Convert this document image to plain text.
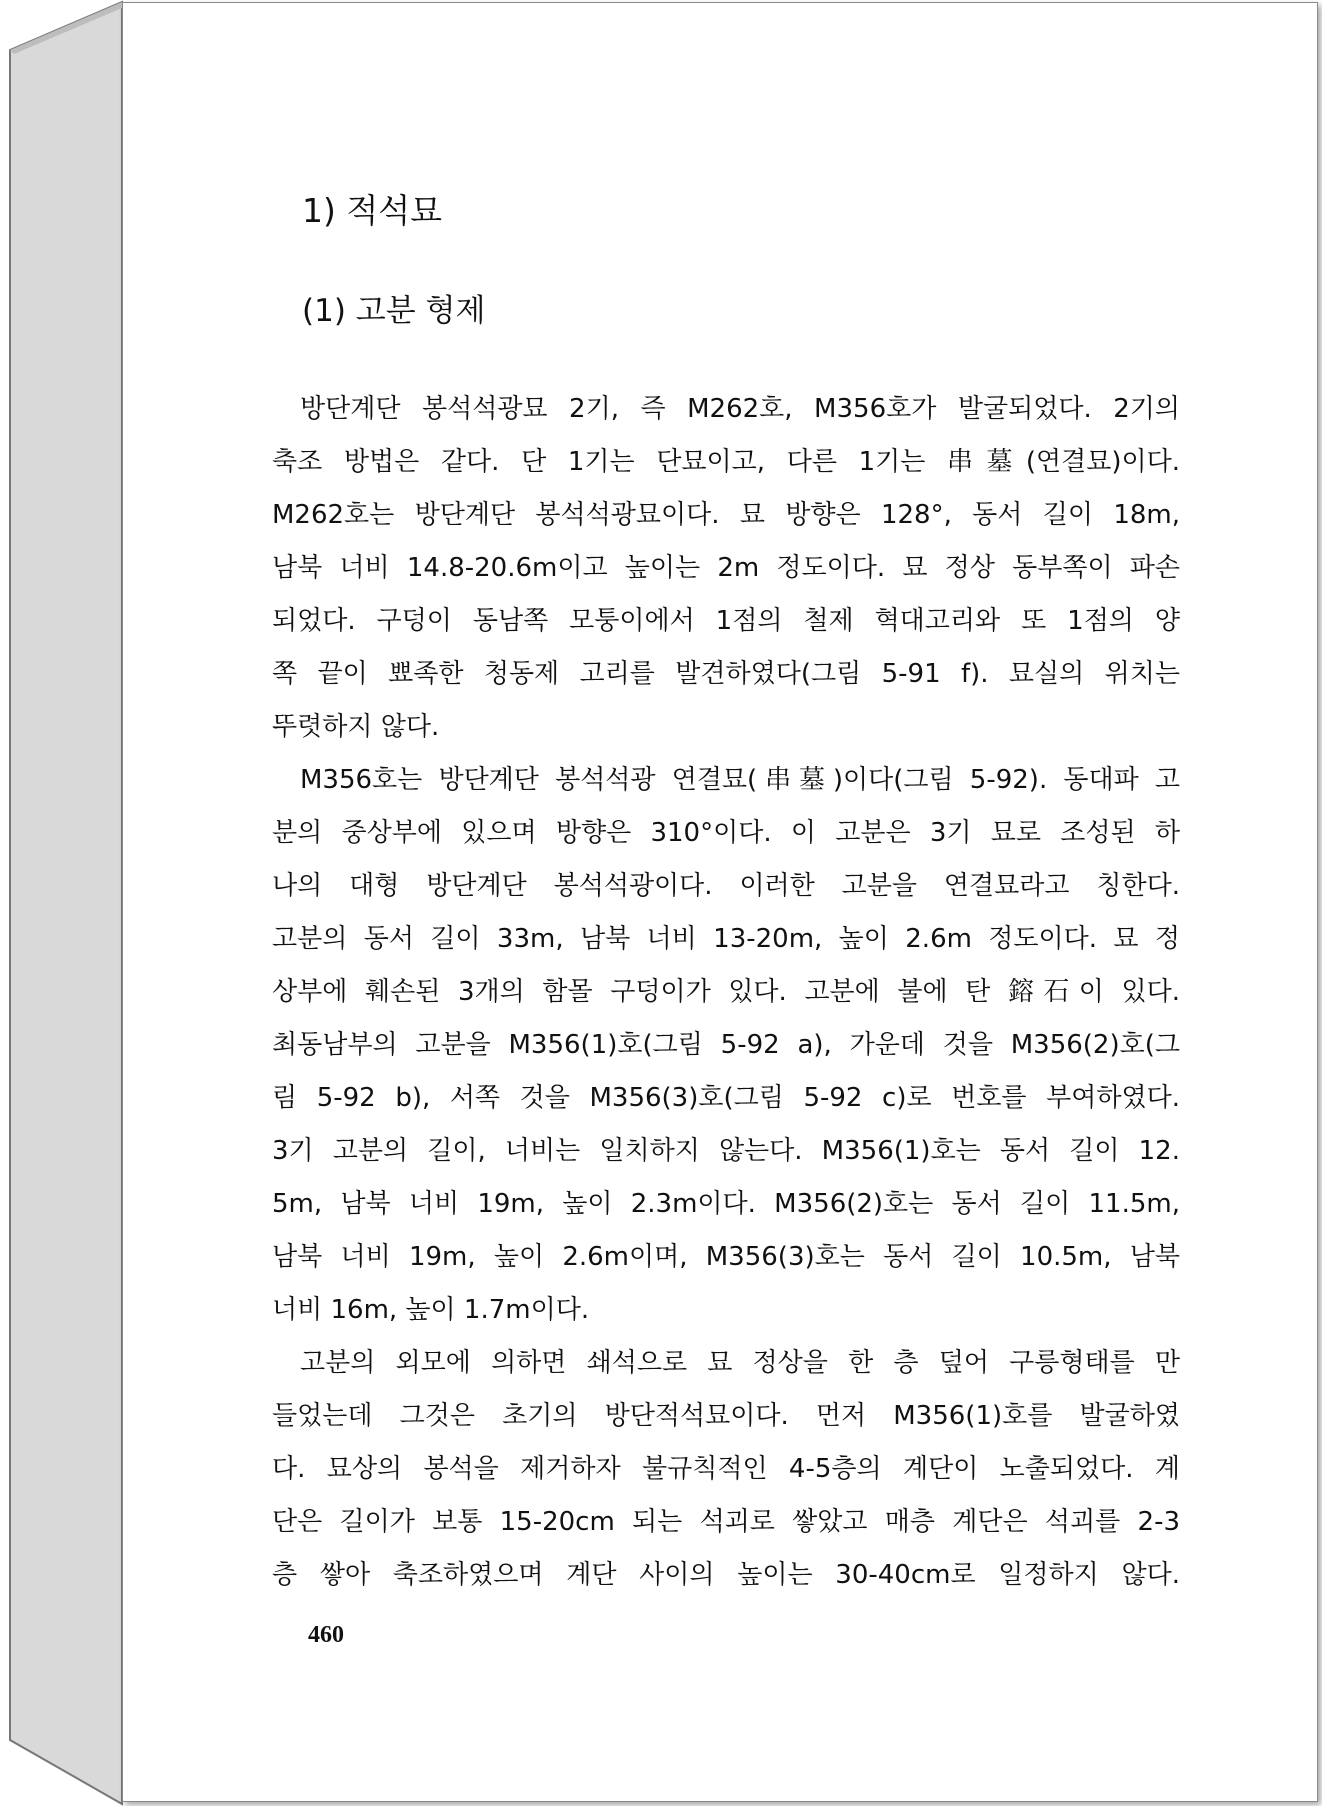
1) 적석묘
(1) 고분 형제
방단계단 봉석석광묘 2기, 즉 M262호, M356호가 발굴되었다. 2기의
축조 방법은 같다. 단 1기는 단묘이고, 다른 1기는 串墓(연결묘)이다.
M262호는 방단계단 봉석석광묘이다. 묘 방향은 128°, 동서 길이 18m,
남북 너비 14.8-20.6m이고 높이는 2m 정도이다. 묘 정상 동부쪽이 파손
되었다. 구덩이 동남쪽 모퉁이에서 1점의 철제 혁대고리와 또 1점의 양
쪽 끝이 뾰족한 청동제 고리를 발견하였다(그림 5-91 f). 묘실의 위치는
뚜렷하지 않다.
M356호는 방단계단 봉석석광 연결묘(串墓)이다(그림 5-92). 동대파 고
분의 중상부에 있으며 방향은 310°이다. 이 고분은 3기 묘로 조성된 하
나의 대형 방단계단 봉석석광이다. 이러한 고분을 연결묘라고 칭한다.
고분의 동서 길이 33m, 남북 너비 13-20m, 높이 2.6m 정도이다. 묘 정
상부에 훼손된 3개의 함몰 구덩이가 있다. 고분에 불에 탄 鎔石이 있다.
최동남부의 고분을 M356(1)호(그림 5-92 a), 가운데 것을 M356(2)호(그
림 5-92 b), 서쪽 것을 M356(3)호(그림 5-92 c)로 번호를 부여하였다.
3기 고분의 길이, 너비는 일치하지 않는다. M356(1)호는 동서 길이 12.
5m, 남북 너비 19m, 높이 2.3m이다. M356(2)호는 동서 길이 11.5m,
남북 너비 19m, 높이 2.6m이며, M356(3)호는 동서 길이 10.5m, 남북
너비 16m, 높이 1.7m이다.
고분의 외모에 의하면 쇄석으로 묘 정상을 한 층 덮어 구릉형태를 만
들었는데 그것은 초기의 방단적석묘이다. 먼저 M356(1)호를 발굴하였
다. 묘상의 봉석을 제거하자 불규칙적인 4-5층의 계단이 노출되었다. 계
단은 길이가 보통 15-20cm 되는 석괴로 쌓았고 매층 계단은 석괴를 2-3
층 쌓아 축조하였으며 계단 사이의 높이는 30-40cm로 일정하지 않다.
460
